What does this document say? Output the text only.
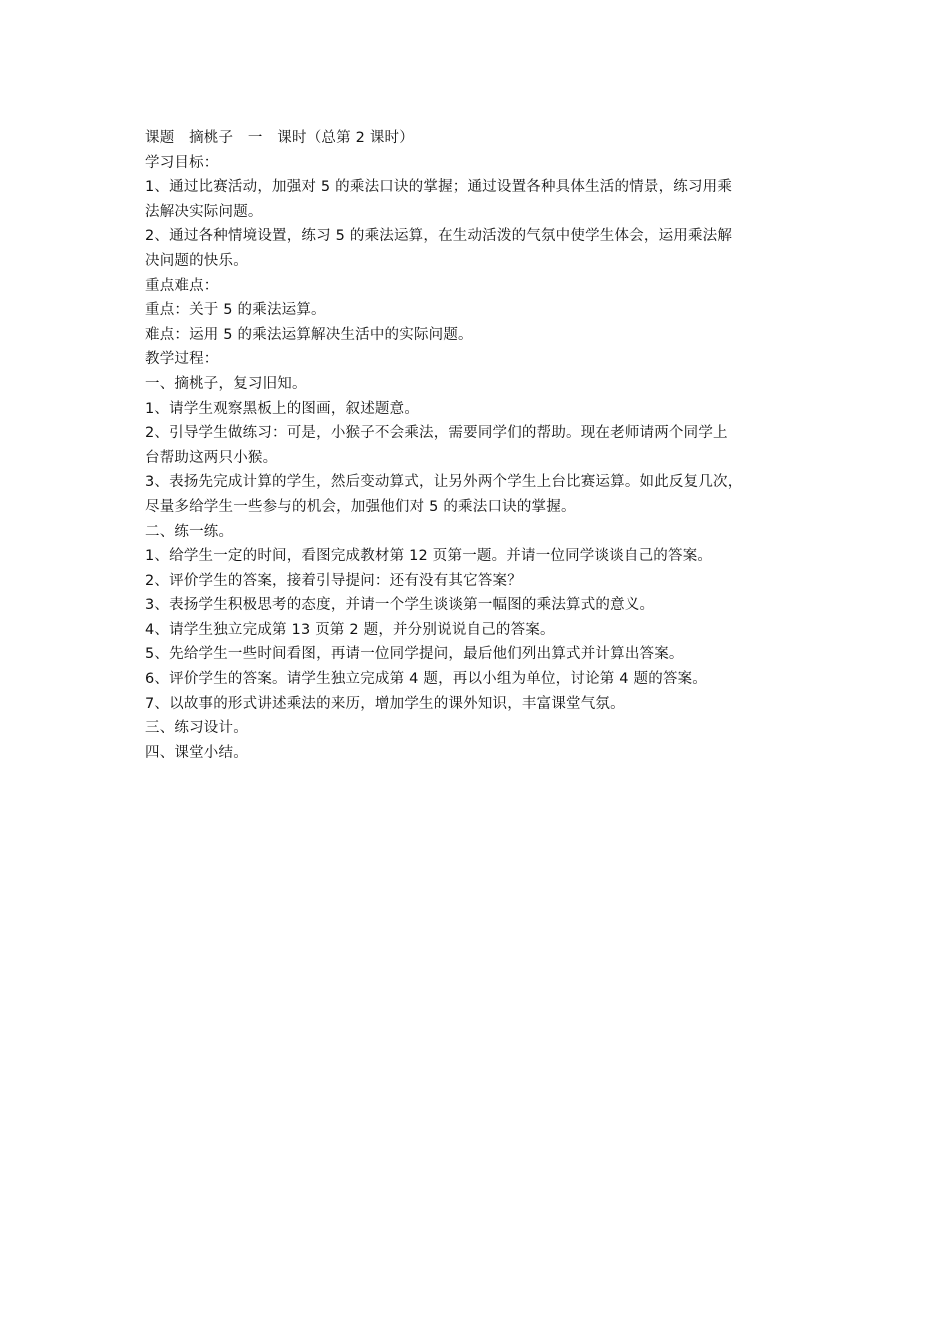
课题　摘桃子　一　课时（总第 2 课时）
学习目标：
1、通过比赛活动，加强对 5 的乘法口诀的掌握；通过设置各种具体生活的情景，练习用乘
法解决实际问题。
2、通过各种情境设置，练习 5 的乘法运算，在生动活泼的气氛中使学生体会，运用乘法解
决问题的快乐。
重点难点：
重点：关于 5 的乘法运算。
难点：运用 5 的乘法运算解决生活中的实际问题。
教学过程：
一、摘桃子，复习旧知。
1、请学生观察黑板上的图画，叙述题意。
2、引导学生做练习：可是，小猴子不会乘法，需要同学们的帮助。现在老师请两个同学上
台帮助这两只小猴。
3、表扬先完成计算的学生，然后变动算式，让另外两个学生上台比赛运算。如此反复几次，
尽量多给学生一些参与的机会，加强他们对 5 的乘法口诀的掌握。
二、练一练。
1、给学生一定的时间，看图完成教材第 12 页第一题。并请一位同学谈谈自己的答案。
2、评价学生的答案，接着引导提问：还有没有其它答案？
3、表扬学生积极思考的态度，并请一个学生谈谈第一幅图的乘法算式的意义。
4、请学生独立完成第 13 页第 2 题，并分别说说自己的答案。
5、先给学生一些时间看图，再请一位同学提问，最后他们列出算式并计算出答案。
6、评价学生的答案。请学生独立完成第 4 题，再以小组为单位，讨论第 4 题的答案。
7、以故事的形式讲述乘法的来历，增加学生的课外知识，丰富课堂气氛。
三、练习设计。
四、课堂小结。
